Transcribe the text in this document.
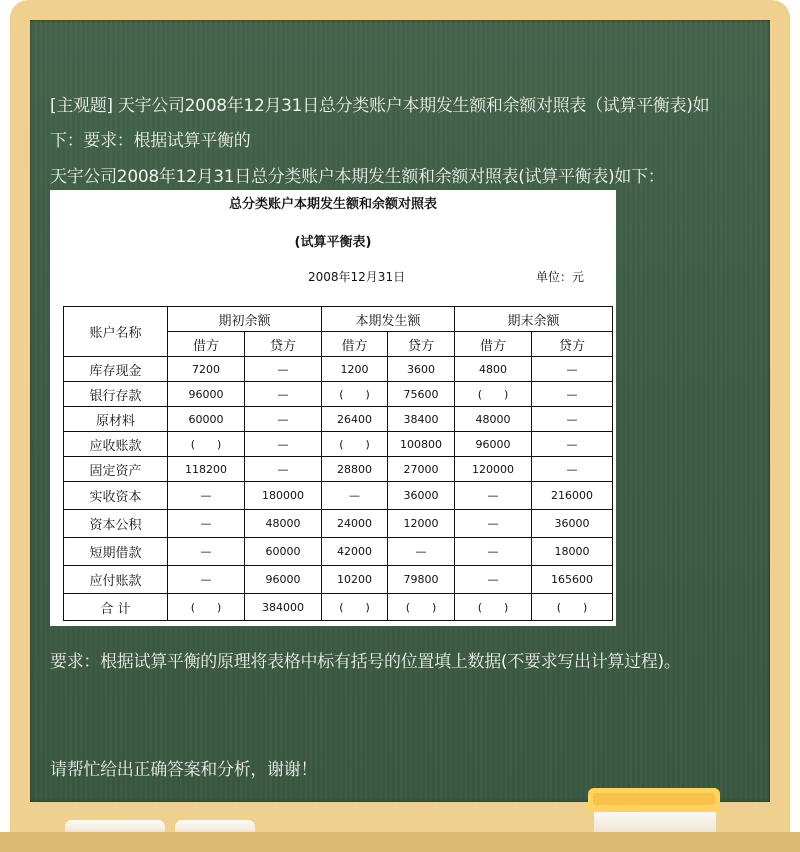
[主观题] 天宇公司2008年12月31日总分类账户本期发生额和余额对照表（试算平衡表)如
下：要求：根据试算平衡的
天宇公司2008年12月31日总分类账户本期发生额和余额对照表(试算平衡表)如下：
总分类账户本期发生额和余额对照表
(试算平衡表)
2008年12月31日	单位：元
账户名称	期初余额		本期发生额		期末余额	
	借方	贷方	借方	贷方	借方	贷方
库存现金	7200	—	1200	3600	4800	—
银行存款	96000	—	(　　)	75600	(　　)	—
原材料	60000	—	26400	38400	48000	—
应收账款	(　　)	—	(　　)	100800	96000	—
固定资产	118200	—	28800	27000	120000	—
实收资本	—	180000	—	36000	—	216000
资本公积	—	48000	24000	12000	—	36000
短期借款	—	60000	42000	—	—	18000
应付账款	—	96000	10200	79800	—	165600
合 计	(　　)	384000	(　　)	(　　)	(　　)	(　　)
要求：根据试算平衡的原理将表格中标有括号的位置填上数据(不要求写出计算过程)。
请帮忙给出正确答案和分析，谢谢！
